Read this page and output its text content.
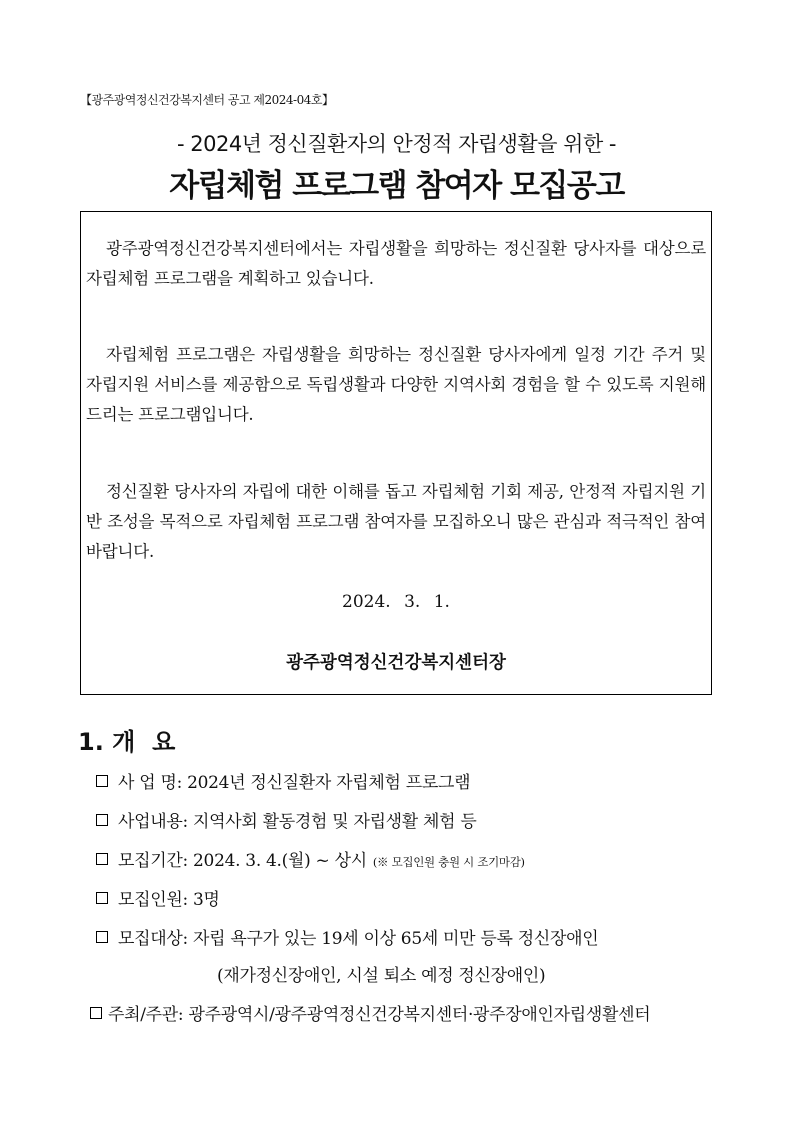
【광주광역정신건강복지센터 공고 제2024-04호】
- 2024년 정신질환자의 안정적 자립생활을 위한 -
자립체험 프로그램 참여자 모집공고

광주광역정신건강복지센터에서는 자립생활을 희망하는 정신질환 당사자를 대상으로 자립체험 프로그램을 계획하고 있습니다.

자립체험 프로그램은 자립생활을 희망하는 정신질환 당사자에게 일정 기간 주거 및 자립지원 서비스를 제공함으로 독립생활과 다양한 지역사회 경험을 할 수 있도록 지원해 드리는 프로그램입니다.

정신질환 당사자의 자립에 대한 이해를 돕고 자립체험 기회 제공, 안정적 자립지원 기반 조성을 목적으로 자립체험 프로그램 참여자를 모집하오니 많은 관심과 적극적인 참여 바랍니다.

2024. 3. 1.
광주광역정신건강복지센터장
1. 개  요
사 업 명: 2024년 정신질환자 자립체험 프로그램
사업내용: 지역사회 활동경험 및 자립생활 체험 등
모집기간: 2024. 3. 4.(월) ~ 상시 (※ 모집인원 충원 시 조기마감)
모집인원: 3명
모집대상: 자립 욕구가 있는 19세 이상 65세 미만 등록 정신장애인
(재가정신장애인, 시설 퇴소 예정 정신장애인)
주최/주관: 광주광역시/광주광역정신건강복지센터·광주장애인자립생활센터
